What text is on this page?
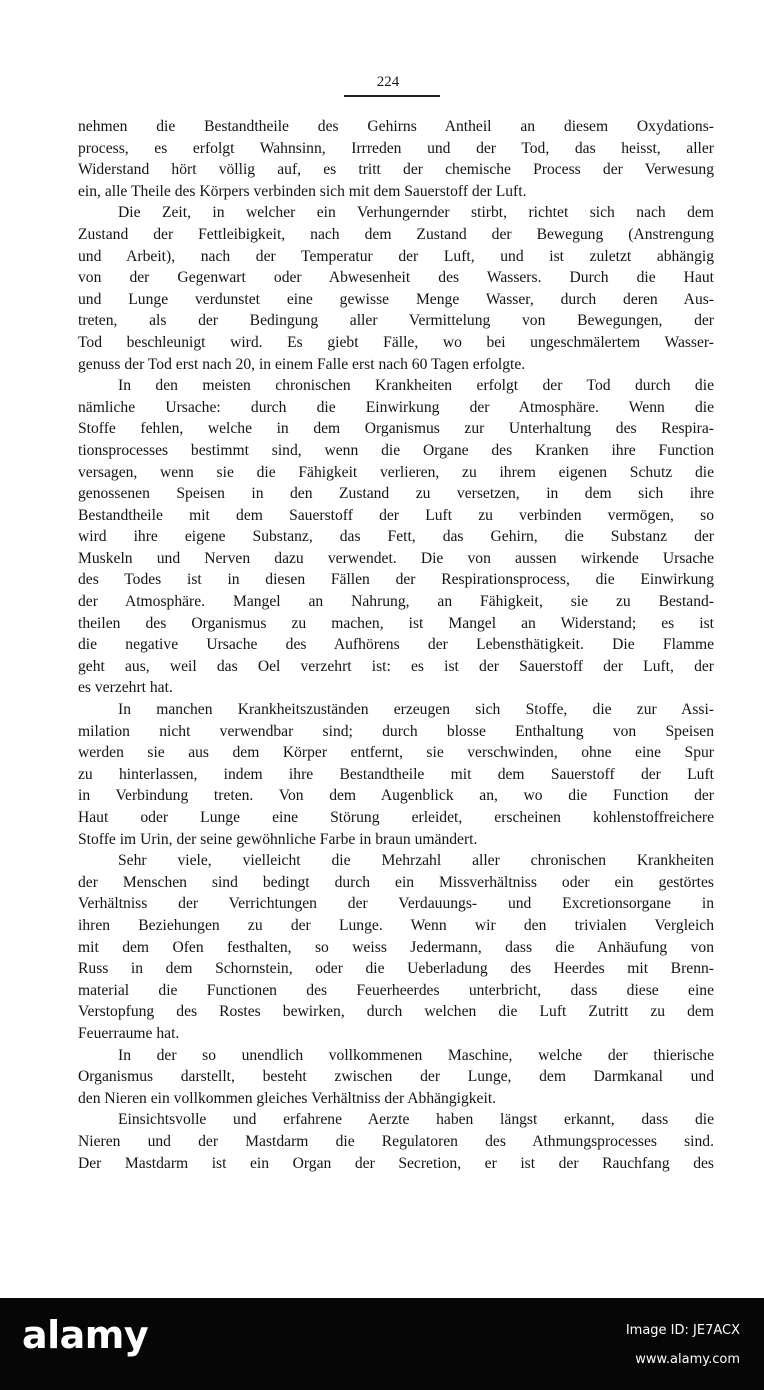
224
nehmen die Bestandtheile des Gehirns Antheil an diesem Oxydations-
process, es erfolgt Wahnsinn, Irrreden und der Tod, das heisst, aller
Widerstand hört völlig auf, es tritt der chemische Process der Verwesung
ein, alle Theile des Körpers verbinden sich mit dem Sauerstoff der Luft.
Die Zeit, in welcher ein Verhungernder stirbt, richtet sich nach dem
Zustand der Fettleibigkeit, nach dem Zustand der Bewegung (Anstrengung
und Arbeit), nach der Temperatur der Luft, und ist zuletzt abhängig
von der Gegenwart oder Abwesenheit des Wassers. Durch die Haut
und Lunge verdunstet eine gewisse Menge Wasser, durch deren Aus-
treten, als der Bedingung aller Vermittelung von Bewegungen, der
Tod beschleunigt wird. Es giebt Fälle, wo bei ungeschmälertem Wasser-
genuss der Tod erst nach 20, in einem Falle erst nach 60 Tagen erfolgte.
In den meisten chronischen Krankheiten erfolgt der Tod durch die
nämliche Ursache: durch die Einwirkung der Atmosphäre. Wenn die
Stoffe fehlen, welche in dem Organismus zur Unterhaltung des Respira-
tionsprocesses bestimmt sind, wenn die Organe des Kranken ihre Function
versagen, wenn sie die Fähigkeit verlieren, zu ihrem eigenen Schutz die
genossenen Speisen in den Zustand zu versetzen, in dem sich ihre
Bestandtheile mit dem Sauerstoff der Luft zu verbinden vermögen, so
wird ihre eigene Substanz, das Fett, das Gehirn, die Substanz der
Muskeln und Nerven dazu verwendet. Die von aussen wirkende Ursache
des Todes ist in diesen Fällen der Respirationsprocess, die Einwirkung
der Atmosphäre. Mangel an Nahrung, an Fähigkeit, sie zu Bestand-
theilen des Organismus zu machen, ist Mangel an Widerstand; es ist
die negative Ursache des Aufhörens der Lebensthätigkeit. Die Flamme
geht aus, weil das Oel verzehrt ist: es ist der Sauerstoff der Luft, der
es verzehrt hat.
In manchen Krankheitszuständen erzeugen sich Stoffe, die zur Assi-
milation nicht verwendbar sind; durch blosse Enthaltung von Speisen
werden sie aus dem Körper entfernt, sie verschwinden, ohne eine Spur
zu hinterlassen, indem ihre Bestandtheile mit dem Sauerstoff der Luft
in Verbindung treten. Von dem Augenblick an, wo die Function der
Haut oder Lunge eine Störung erleidet, erscheinen kohlenstoffreichere
Stoffe im Urin, der seine gewöhnliche Farbe in braun umändert.
Sehr viele, vielleicht die Mehrzahl aller chronischen Krankheiten
der Menschen sind bedingt durch ein Missverhältniss oder ein gestörtes
Verhältniss der Verrichtungen der Verdauungs- und Excretionsorgane in
ihren Beziehungen zu der Lunge. Wenn wir den trivialen Vergleich
mit dem Ofen festhalten, so weiss Jedermann, dass die Anhäufung von
Russ in dem Schornstein, oder die Ueberladung des Heerdes mit Brenn-
material die Functionen des Feuerheerdes unterbricht, dass diese eine
Verstopfung des Rostes bewirken, durch welchen die Luft Zutritt zu dem
Feuerraume hat.
In der so unendlich vollkommenen Maschine, welche der thierische
Organismus darstellt, besteht zwischen der Lunge, dem Darmkanal und
den Nieren ein vollkommen gleiches Verhältniss der Abhängigkeit.
Einsichtsvolle und erfahrene Aerzte haben längst erkannt, dass die
Nieren und der Mastdarm die Regulatoren des Athmungsprocesses sind.
Der Mastdarm ist ein Organ der Secretion, er ist der Rauchfang des
alamy	Image ID: JE7ACX
www.alamy.com
